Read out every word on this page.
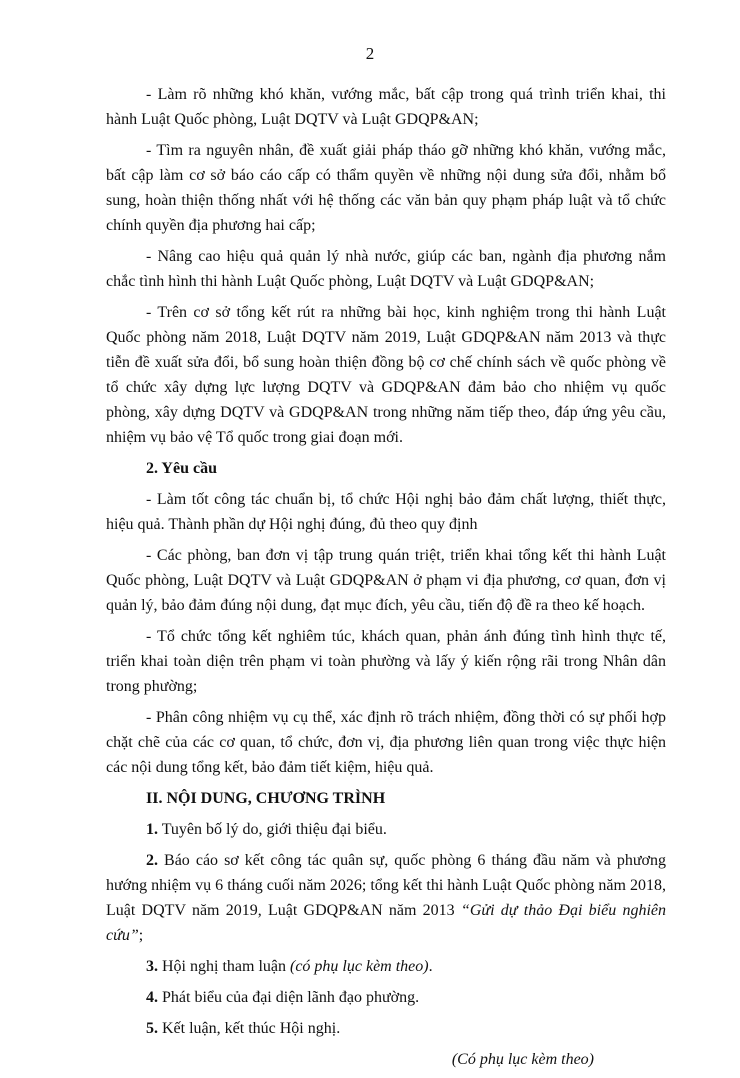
2

- Làm rõ những khó khăn, vướng mắc, bất cập trong quá trình triển khai, thi hành Luật Quốc phòng, Luật DQTV và Luật GDQP&AN;

- Tìm ra nguyên nhân, đề xuất giải pháp tháo gỡ những khó khăn, vướng mắc, bất cập làm cơ sở báo cáo cấp có thẩm quyền về những nội dung sửa đổi, nhằm bổ sung, hoàn thiện thống nhất với hệ thống các văn bản quy phạm pháp luật và tổ chức chính quyền địa phương hai cấp;

- Nâng cao hiệu quả quản lý nhà nước, giúp các ban, ngành địa phương nắm chắc tình hình thi hành Luật Quốc phòng, Luật DQTV và Luật GDQP&AN;

- Trên cơ sở tổng kết rút ra những bài học, kinh nghiệm trong thi hành Luật Quốc phòng năm 2018, Luật DQTV năm 2019, Luật GDQP&AN năm 2013 và thực tiễn đề xuất sửa đổi, bổ sung hoàn thiện đồng bộ cơ chế chính sách về quốc phòng về tổ chức xây dựng lực lượng DQTV và GDQP&AN đảm bảo cho nhiệm vụ quốc phòng, xây dựng DQTV và GDQP&AN trong những năm tiếp theo, đáp ứng yêu cầu, nhiệm vụ bảo vệ Tổ quốc trong giai đoạn mới.

2. Yêu cầu

- Làm tốt công tác chuẩn bị, tổ chức Hội nghị bảo đảm chất lượng, thiết thực, hiệu quả. Thành phần dự Hội nghị đúng, đủ theo quy định

- Các phòng, ban đơn vị tập trung quán triệt, triển khai tổng kết thi hành Luật Quốc phòng, Luật DQTV và Luật GDQP&AN ở phạm vi địa phương, cơ quan, đơn vị quản lý, bảo đảm đúng nội dung, đạt mục đích, yêu cầu, tiến độ đề ra theo kế hoạch.

- Tổ chức tổng kết nghiêm túc, khách quan, phản ánh đúng tình hình thực tế, triển khai toàn diện trên phạm vi toàn phường và lấy ý kiến rộng rãi trong Nhân dân trong phường;

- Phân công nhiệm vụ cụ thể, xác định rõ trách nhiệm, đồng thời có sự phối hợp chặt chẽ của các cơ quan, tổ chức, đơn vị, địa phương liên quan trong việc thực hiện các nội dung tổng kết, bảo đảm tiết kiệm, hiệu quả.

II. NỘI DUNG, CHƯƠNG TRÌNH

1. Tuyên bố lý do, giới thiệu đại biểu.

2. Báo cáo sơ kết công tác quân sự, quốc phòng 6 tháng đầu năm và phương hướng nhiệm vụ 6 tháng cuối năm 2026; tổng kết thi hành Luật Quốc phòng năm 2018, Luật DQTV năm 2019, Luật GDQP&AN năm 2013 “Gửi dự thảo Đại biểu nghiên cứu”;

3. Hội nghị tham luận (có phụ lục kèm theo).

4. Phát biểu của đại diện lãnh đạo phường.

5. Kết luận, kết thúc Hội nghị.

(Có phụ lục kèm theo)
